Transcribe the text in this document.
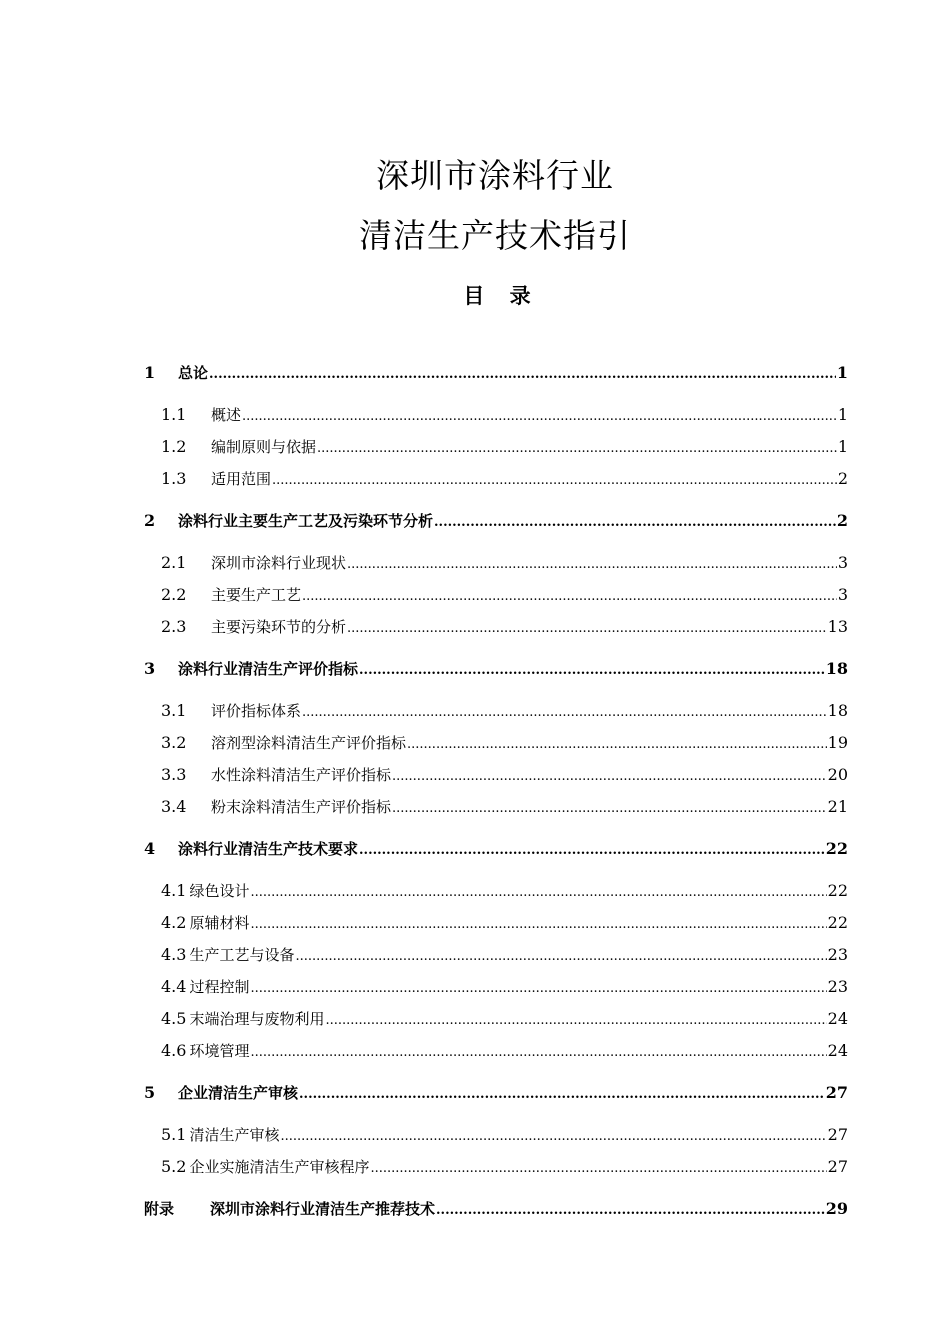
深圳市涂料行业

清洁生产技术指引

目 录
1	总论 .....	1
1.1	概述 .....	1
1.2	编制原则与依据 .....	1
1.3	适用范围 .....	2
2	涂料行业主要生产工艺及污染环节分析 .....	2
2.1	深圳市涂料行业现状 .....	3
2.2	主要生产工艺 .....	3
2.3	主要污染环节的分析 .....	13
3	涂料行业清洁生产评价指标 .....	18
3.1	评价指标体系 .....	18
3.2	溶剂型涂料清洁生产评价指标 .....	19
3.3	水性涂料清洁生产评价指标 .....	20
3.4	粉末涂料清洁生产评价指标 .....	21
4	涂料行业清洁生产技术要求 .....	22
4.1 绿色设计 .....	22
4.2 原辅材料 .....	22
4.3 生产工艺与设备 .....	23
4.4 过程控制 .....	23
4.5 末端治理与废物利用 .....	24
4.6 环境管理 .....	24
5	企业清洁生产审核 .....	27
5.1 清洁生产审核 .....	27
5.2 企业实施清洁生产审核程序 .....	27
附录	深圳市涂料行业清洁生产推荐技术 .....	29
